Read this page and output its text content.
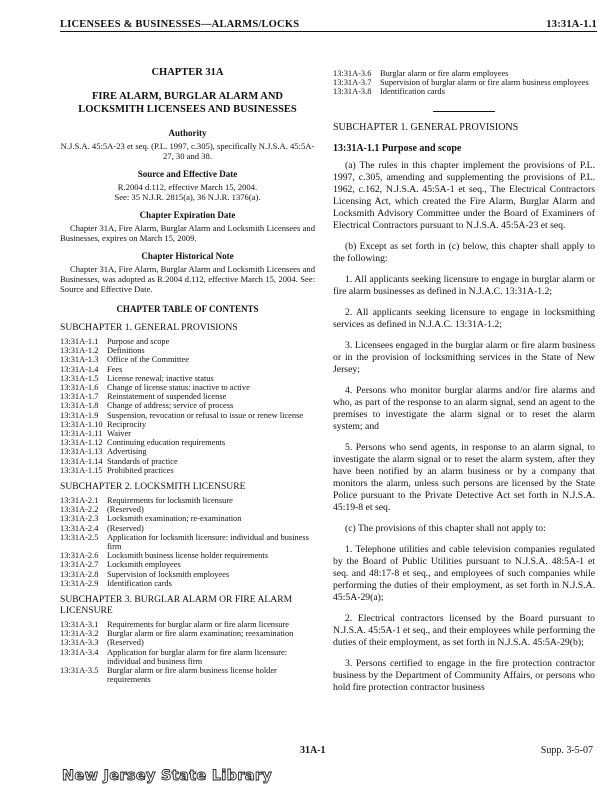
LICENSEES & BUSINESSES—ALARMS/LOCKS	13:31A-1.1
CHAPTER 31A
FIRE ALARM, BURGLAR ALARM AND LOCKSMITH LICENSEES AND BUSINESSES
Authority
N.J.S.A. 45:5A-23 et seq. (P.L. 1997, c.305), specifically N.J.S.A. 45:5A-27, 30 and 38.
Source and Effective Date
R.2004 d.112, effective March 15, 2004.
See: 35 N.J.R. 2815(a), 36 N.J.R. 1376(a).
Chapter Expiration Date
Chapter 31A, Fire Alarm, Burglar Alarm and Locksmith Licensees and Businesses, expires on March 15, 2009.
Chapter Historical Note
Chapter 31A, Fire Alarm, Burglar Alarm and Locksmith Licensees and Businesses, was adopted as R.2004 d.112, effective March 15, 2004. See: Source and Effective Date.
CHAPTER TABLE OF CONTENTS
SUBCHAPTER 1. GENERAL PROVISIONS
13:31A-1.1	Purpose and scope
13:31A-1.2	Definitions
13:31A-1.3	Office of the Committee
13:31A-1.4	Fees
13:31A-1.5	License renewal; inactive status
13:31A-1.6	Change of license status: inactive to active
13:31A-1.7	Reinstatement of suspended license
13:31A-1.8	Change of address; service of process
13:31A-1.9	Suspension, revocation or refusal to issue or renew license
13:31A-1.10 Reciprocity
13:31A-1.11 Waiver
13:31A-1.12 Continuing education requirements
13:31A-1.13 Advertising
13:31A-1.14 Standards of practice
13:31A-1.15 Prohibited practices
SUBCHAPTER 2. LOCKSMITH LICENSURE
13:31A-2.1	Requirements for locksmith licensure
13:31A-2.2	(Reserved)
13:31A-2.3	Locksmith examination; re-examination
13:31A-2.4	(Reserved)
13:31A-2.5	Application for locksmith licensure: individual and business firm
13:31A-2.6	Locksmith business license holder requirements
13:31A-2.7	Locksmith employees
13:31A-2.8	Supervision of locksmith employees
13:31A-2.9	Identification cards
SUBCHAPTER 3. BURGLAR ALARM OR FIRE ALARM LICENSURE
13:31A-3.1	Requirements for burglar alarm or fire alarm licensure
13:31A-3.2	Burglar alarm or fire alarm examination; reexamination
13:31A-3.3	(Reserved)
13:31A-3.4	Application for burglar alarm for fire alarm licensure: individual and business firm
13:31A-3.5	Burglar alarm or fire alarm business license holder requirements
13:31A-3.6	Burglar alarm or fire alarm employees
13:31A-3.7	Supervision of burglar alarm or fire alarm business employees
13:31A-3.8	Identification cards
SUBCHAPTER 1. GENERAL PROVISIONS
13:31A-1.1 Purpose and scope
(a) The rules in this chapter implement the provisions of P.L. 1997, c.305, amending and supplementing the provisions of P.L. 1962, c.162, N.J.S.A. 45:5A-1 et seq., The Electrical Contractors Licensing Act, which created the Fire Alarm, Burglar Alarm and Locksmith Advisory Committee under the Board of Examiners of Electrical Contractors pursuant to N.J.S.A. 45:5A-23 et seq.
(b) Except as set forth in (c) below, this chapter shall apply to the following:
1. All applicants seeking licensure to engage in burglar alarm or fire alarm businesses as defined in N.J.A.C. 13:31A-1.2;
2. All applicants seeking licensure to engage in locksmithing services as defined in N.J.A.C. 13:31A-1.2;
3. Licensees engaged in the burglar alarm or fire alarm business or in the provision of locksmithing services in the State of New Jersey;
4. Persons who monitor burglar alarms and/or fire alarms and who, as part of the response to an alarm signal, send an agent to the premises to investigate the alarm signal or to reset the alarm system; and
5. Persons who send agents, in response to an alarm signal, to investigate the alarm signal or to reset the alarm system, after they have been notified by an alarm business or by a company that monitors the alarm, unless such persons are licensed by the State Police pursuant to the Private Detective Act set forth in N.J.S.A. 45:19-8 et seq.
(c) The provisions of this chapter shall not apply to:
1. Telephone utilities and cable television companies regulated by the Board of Public Utilities pursuant to N.J.S.A. 48:5A-1 et seq. and 48:17-8 et seq., and employees of such companies while performing the duties of their employment, as set forth in N.J.S.A. 45:5A-29(a);
2. Electrical contractors licensed by the Board pursuant to N.J.S.A. 45:5A-1 et seq., and their employees while performing the duties of their employment, as set forth in N.J.S.A. 45:5A-29(b);
3. Persons certified to engage in the fire protection contractor business by the Department of Community Affairs, or persons who hold fire protection contractor business
31A-1	Supp. 3-5-07
New Jersey State Library
